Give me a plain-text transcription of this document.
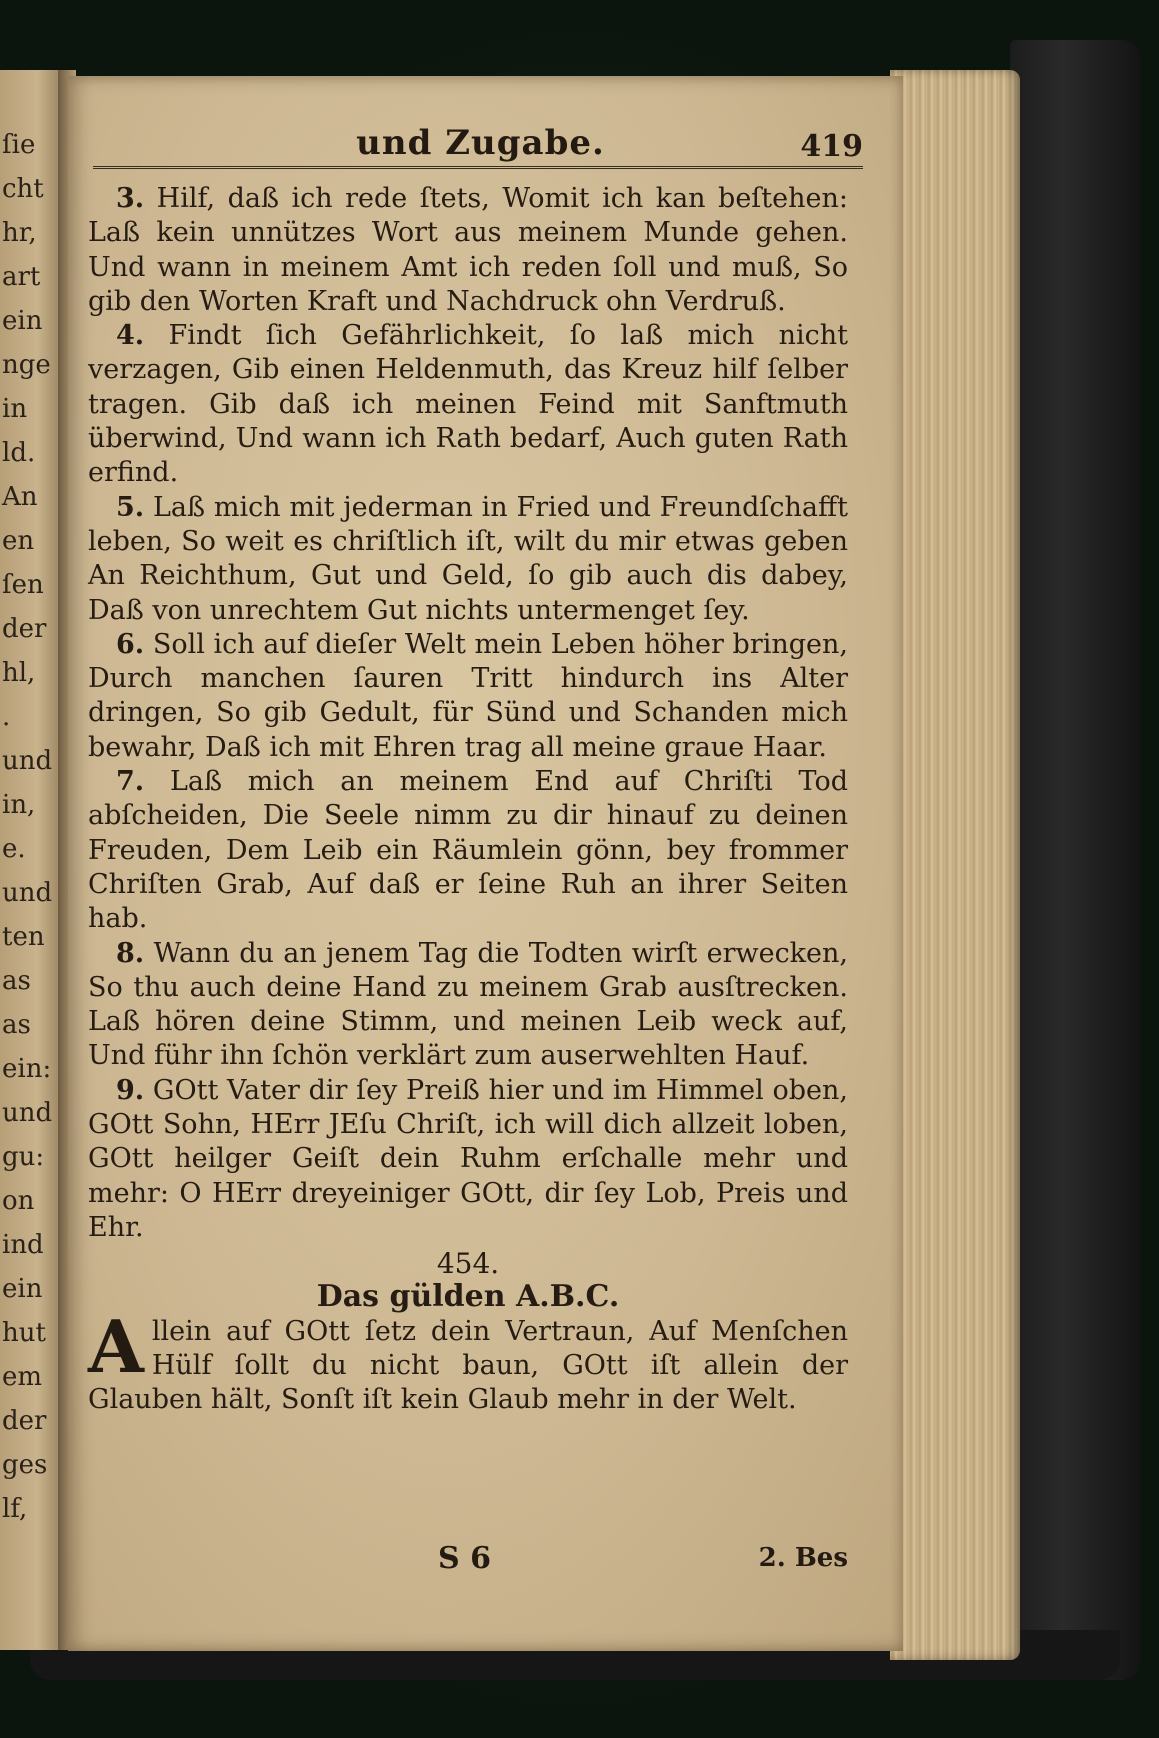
ſie
cht
hr,
art
ein
nge
in
ld.
An
en
ſen
der
hl,
.
und
in,
e.
und
ten
as
as
ein:
und
gu:
on
ind
ein
hut
em
der
ges
lf,
und Zugabe.	419

3. Hilf, daß ich rede ſtets, Womit ich kan beſtehen: Laß kein unnützes Wort aus meinem Munde gehen. Und wann in meinem Amt ich reden ſoll und muß, So gib den Worten Kraft und Nachdruck ohn Verdruß.

4. Findt ſich Gefährlichkeit, ſo laß mich nicht verzagen, Gib einen Heldenmuth, das Kreuz hilf ſelber tragen. Gib daß ich meinen Feind mit Sanftmuth überwind, Und wann ich Rath bedarf, Auch guten Rath erfind.

5. Laß mich mit jederman in Fried und Freundſchafft leben, So weit es chriſtlich iſt, wilt du mir etwas geben An Reichthum, Gut und Geld, ſo gib auch dis dabey, Daß von unrechtem Gut nichts untermenget ſey.

6. Soll ich auf dieſer Welt mein Leben höher bringen, Durch manchen ſauren Tritt hindurch ins Alter dringen, So gib Gedult, für Sünd und Schanden mich bewahr, Daß ich mit Ehren trag all meine graue Haar.

7. Laß mich an meinem End auf Chriſti Tod abſcheiden, Die Seele nimm zu dir hinauf zu deinen Freuden, Dem Leib ein Räumlein gönn, bey frommer Chriſten Grab, Auf daß er ſeine Ruh an ihrer Seiten hab.

8. Wann du an jenem Tag die Todten wirſt erwecken, So thu auch deine Hand zu meinem Grab ausſtrecken. Laß hören deine Stimm, und meinen Leib weck auf, Und führ ihn ſchön verklärt zum auserwehlten Hauf.

9. GOtt Vater dir ſey Preiß hier und im Himmel oben, GOtt Sohn, HErr JEſu Chriſt, ich will dich allzeit loben, GOtt heilger Geiſt dein Ruhm erſchalle mehr und mehr: O HErr dreyeiniger GOtt, dir ſey Lob, Preis und Ehr.

454.
Das gülden A.B.C.
Allein auf GOtt ſetz dein Vertraun, Auf Menſchen Hülf ſollt du nicht baun, GOtt iſt allein der Glauben hält, Sonſt iſt kein Glaub mehr in der Welt.
S 6	2. Bes
